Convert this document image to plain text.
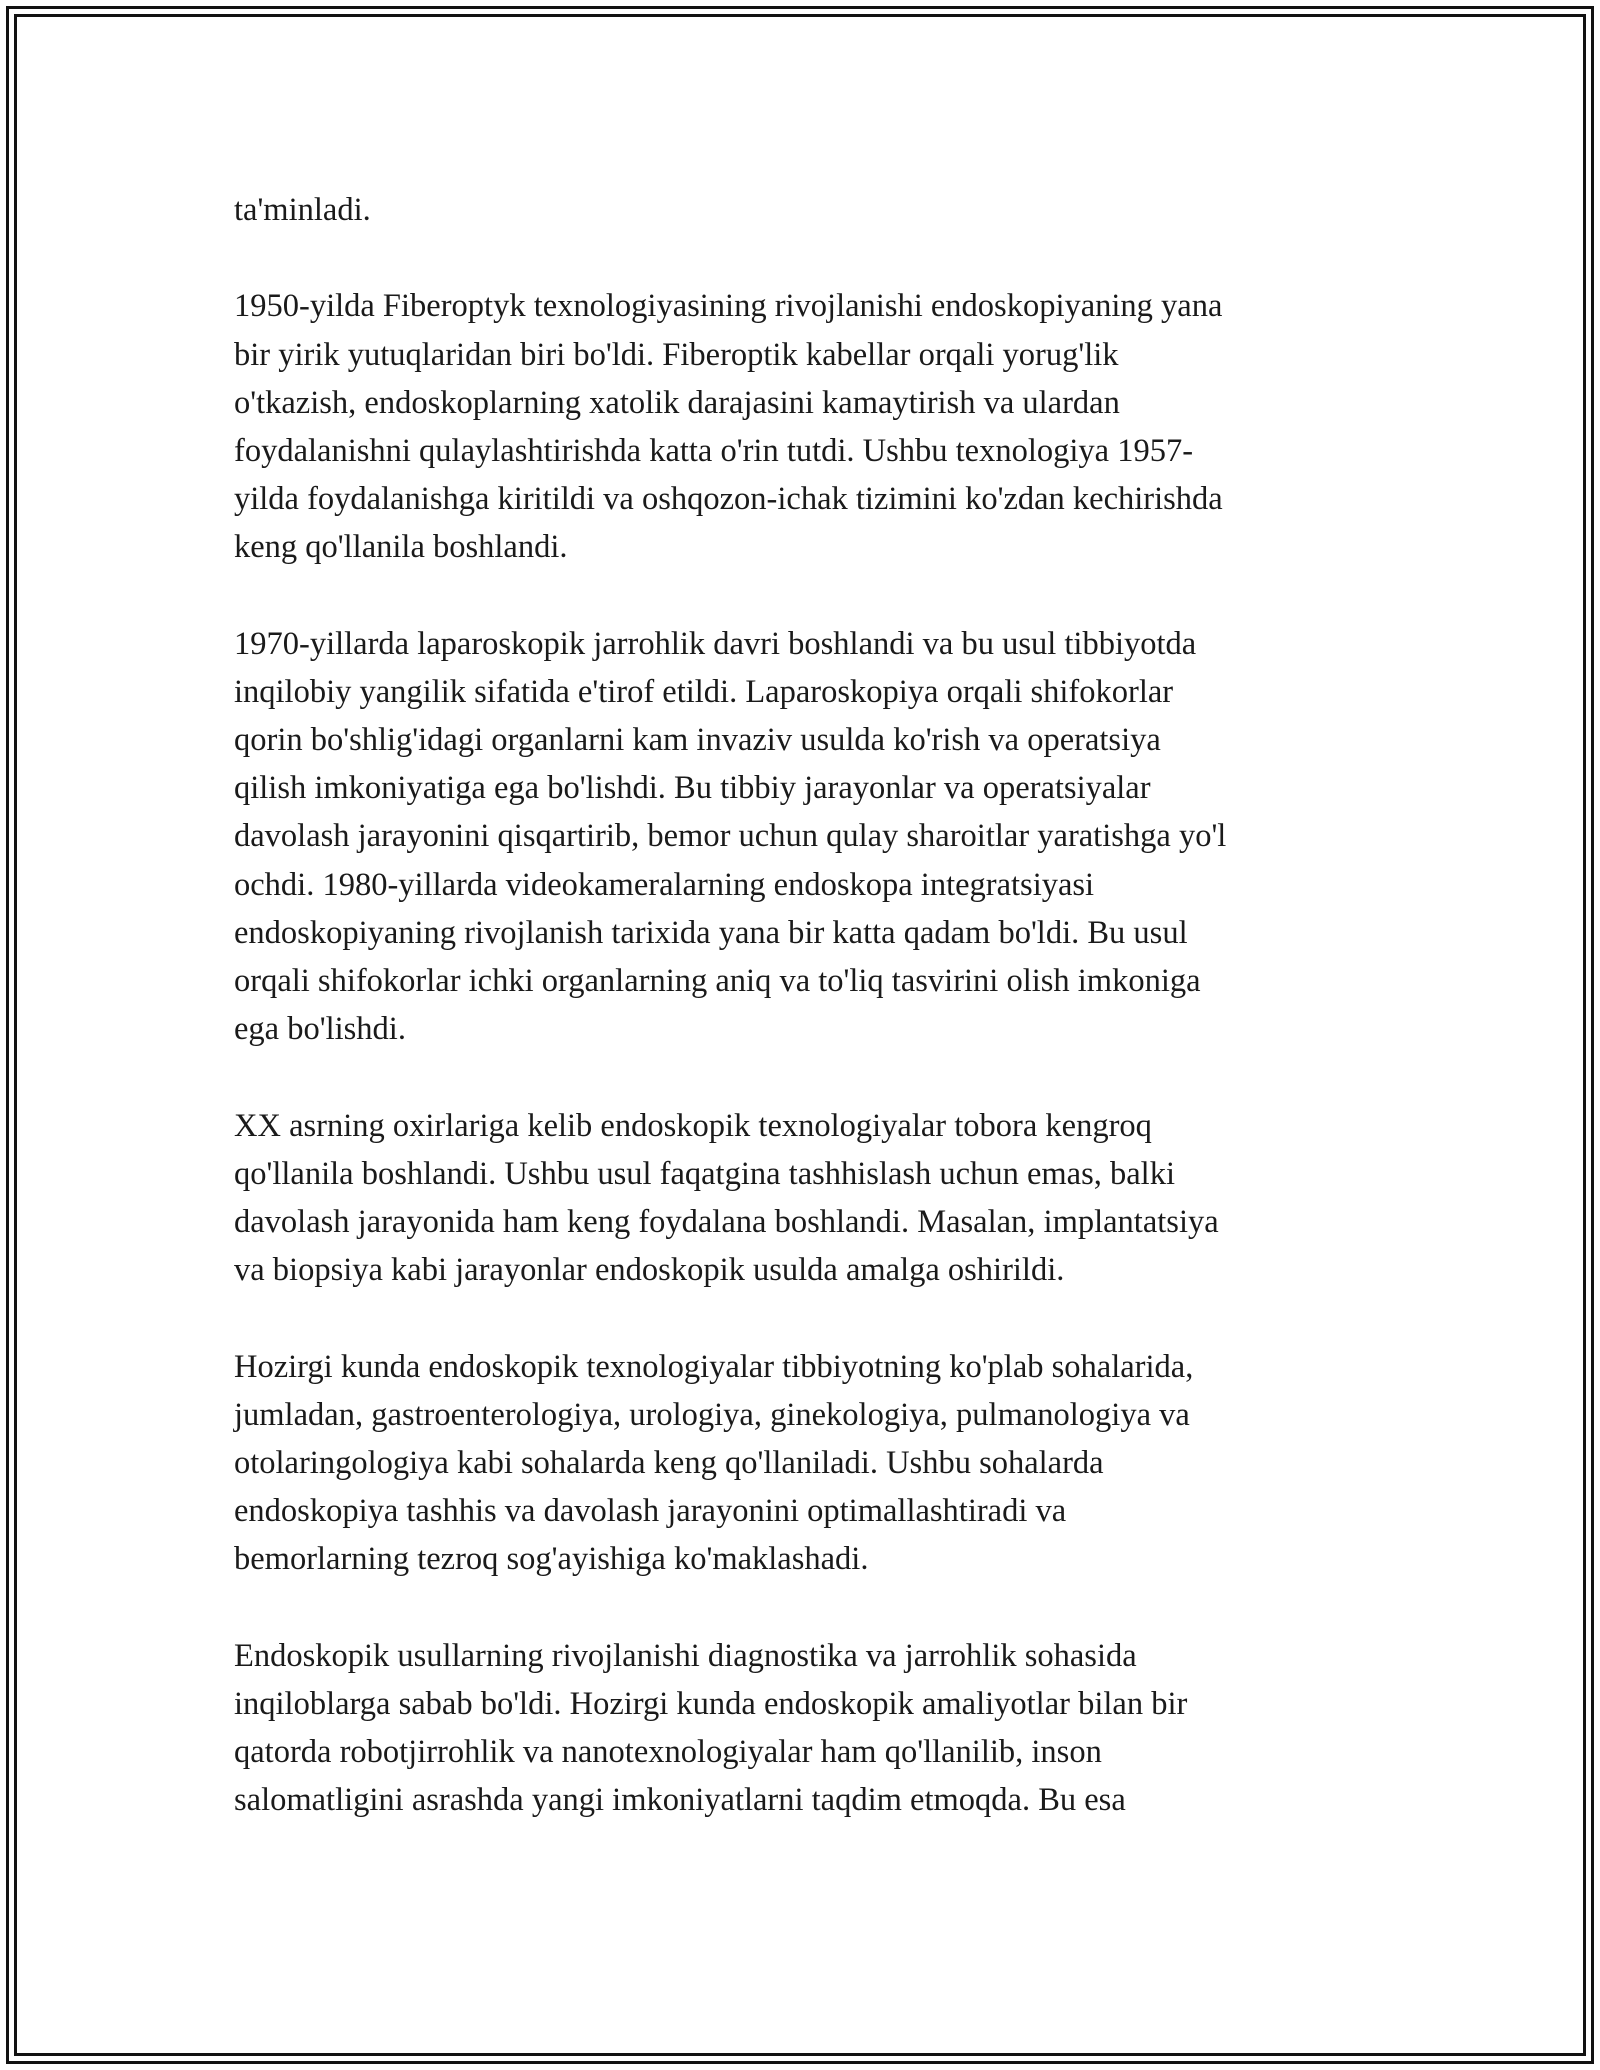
ta'minladi.

1950-yilda Fiberoptyk texnologiyasining rivojlanishi endoskopiyaning yana
bir yirik yutuqlaridan biri bo'ldi. Fiberoptik kabellar orqali yorug'lik
o'tkazish, endoskoplarning xatolik darajasini kamaytirish va ulardan
foydalanishni qulaylashtirishda katta o'rin tutdi. Ushbu texnologiya 1957-
yilda foydalanishga kiritildi va oshqozon-ichak tizimini ko'zdan kechirishda
keng qo'llanila boshlandi.

1970-yillarda laparoskopik jarrohlik davri boshlandi va bu usul tibbiyotda
inqilobiy yangilik sifatida e'tirof etildi. Laparoskopiya orqali shifokorlar
qorin bo'shlig'idagi organlarni kam invaziv usulda ko'rish va operatsiya
qilish imkoniyatiga ega bo'lishdi. Bu tibbiy jarayonlar va operatsiyalar
davolash jarayonini qisqartirib, bemor uchun qulay sharoitlar yaratishga yo'l
ochdi. 1980-yillarda videokameralarning endoskopa integratsiyasi
endoskopiyaning rivojlanish tarixida yana bir katta qadam bo'ldi. Bu usul
orqali shifokorlar ichki organlarning aniq va to'liq tasvirini olish imkoniga
ega bo'lishdi.

XX asrning oxirlariga kelib endoskopik texnologiyalar tobora kengroq
qo'llanila boshlandi. Ushbu usul faqatgina tashhislash uchun emas, balki
davolash jarayonida ham keng foydalana boshlandi. Masalan, implantatsiya
va biopsiya kabi jarayonlar endoskopik usulda amalga oshirildi.

Hozirgi kunda endoskopik texnologiyalar tibbiyotning ko'plab sohalarida,
jumladan, gastroenterologiya, urologiya, ginekologiya, pulmanologiya va
otolaringologiya kabi sohalarda keng qo'llaniladi. Ushbu sohalarda
endoskopiya tashhis va davolash jarayonini optimallashtiradi va
bemorlarning tezroq sog'ayishiga ko'maklashadi.

Endoskopik usullarning rivojlanishi diagnostika va jarrohlik sohasida
inqiloblarga sabab bo'ldi. Hozirgi kunda endoskopik amaliyotlar bilan bir
qatorda robotjirrohlik va nanotexnologiyalar ham qo'llanilib, inson
salomatligini asrashda yangi imkoniyatlarni taqdim etmoqda. Bu esa
